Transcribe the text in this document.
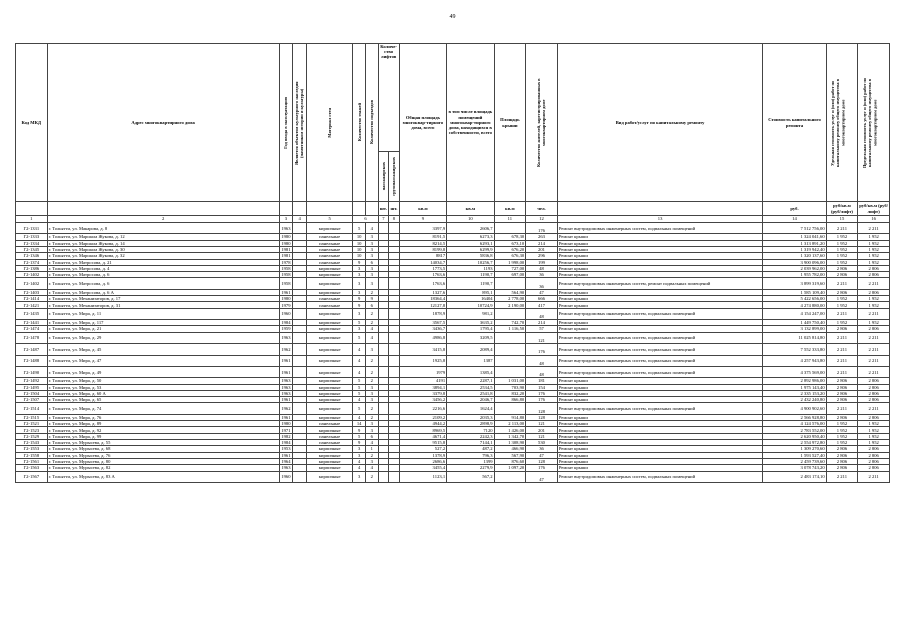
49
Код МКД	Адрес многоквартирного дома	Год ввода в эксплуатацию	Является объектом культурного наследия (памятником истории и культуры)	Материал стен	Количество этажей	Количество подъездов	Количе-ство лифтов		Общая площадь многоквар-тирного дома, всего	в том числе площадь помещений многоквар-тирного дома, находящихся в собственности, всего	Площадь крыши	Количество жителей, зарегистрированных в многоквартирном доме	Вид работ/услуг по капитальному ремонту	Стоимость капитального ремонта	Удельная стоимость услуг и (или) работ по капитальному ремонту общего имущества в многоквартирном доме	Предельная стоимость услуг и (или) работ по капитальному ремонту общего имущества в многоквартирном доме

							пассажирских	грузопассажирских								

							шт.	шт.	кв.м	кв.м	кв.м	чел.		руб.	руб/кв.м (руб/лифт)	руб/кв.м (руб/лифт)
1	2	3	4	5	6		7	8	9	10	11	12	13	14	15	16
Г2-1331	г. Тольятти, ул. Макарова, д. 8	1963		кирпичные	5	4			3397,9	2606,7		176	Ремонт внутридомовых инженерных систем, подвальных помещений	7 512 756,00	2 211	2 211
Г2-1333	г. Тольятти, ул. Маршала Жукова, д. 12	1980		панельные	10	3			8191,5	6273,3	678,30	263	Ремонт крыши	1 324 041,60	1 952	1 952
Г2-1334	г. Тольятти, ул. Маршала Жукова, д. 14	1980		панельные	10	3			8214,5	6293,1	673,10	214	Ремонт крыши	1 313 891,20	1 952	1 952
Г2-1345	г. Тольятти, ул. Маршала Жукова, д. 30	1981		панельные	10	3			8199,8	6299,9	676,20	201	Ремонт крыши	1 319 942,40	1 952	1 952
Г2-1346	г. Тольятти, ул. Маршала Жукова, д. 32	1981		панельные	10	3			8817	5836,8	676,30	296	Ремонт крыши	1 320 137,60	1 952	1 952
Г2-1374	г. Тольятти, ул. Матросова, д. 21	1978		панельные	9	6			14034,7	10256,7	1 998,00	199	Ремонт крыши	3 900 096,00	1 952	1 952
Г2-1386	г. Тольятти, ул. Матросова, д. 4	1958		кирпичные	3	3			1773,5	1193	727,00	48	Ремонт крыши	2 039 962,00	2 806	2 806
Г2-1402	г. Тольятти, ул. Матросова, д. 6	1958		кирпичные	3	3			1763,6	1190,7	697,00	36	Ремонт крыши	1 955 782,00	2 806	2 806
Г2-1402	г. Тольятти, ул. Матросова, д. 6	1958		кирпичные	3	3			1763,6	1190,7		36	Ремонт внутридомовых инженерных систем, ремонт подвальных помещений	3 899 319,60	2 211	2 211
Г2-1403	г. Тольятти, ул. Матросова, д. 6 А	1961		кирпичные	3	2			1327,6	895,1	564,90	47	Ремонт крыши	1 585 109,40	2 806	2 806
Г2-1414	г. Тольятти, ул. Механизаторов, д. 17	1980		панельные	9	9			18364,4	16404	2 778,00	666	Ремонт крыши	5 422 656,00	1 952	1 952
Г2-1421	г. Тольятти, ул. Механизаторов, д. 31	1979		панельные	9	6			12127,8	10724,9	2 190,00	417	Ремонт крыши	4 274 880,00	1 952	1 952
Г2-1435	г. Тольятти, ул. Мира, д. 11	1960		кирпичные	3	2			1878,9	981,2		48	Ремонт внутридомовых инженерных систем, подвальных помещений	4 154 247,00	2 211	2 211
Г2-1441	г. Тольятти, ул. Мира, д. 117	1984		кирпичные	5	2			3567,5	3635,2	742,70	214	Ремонт крыши	1 449 750,40	1 952	1 952
Г2-1474	г. Тольятти, ул. Мира, д. 21	1959		кирпичные	3	4			3436,7	1795,4	1 116,50	57	Ремонт крыши	3 132 899,00	2 806	2 806
Г2-1478	г. Тольятти, ул. Мира, д. 29	1963		кирпичные	5	4			4986,8	3209,5		121	Ремонт внутридомовых инженерных систем, подвальных помещений	11 025 814,80	2 211	2 211
Г2-1487	г. Тольятти, ул. Мира, д. 45	1962		кирпичные	4	3			3415,8	2089,4		176	Ремонт внутридомовых инженерных систем, подвальных помещений	7 552 333,80	2 211	2 211
Г2-1488	г. Тольятти, ул. Мира, д. 47	1961		кирпичные	4	2			1925,8	1387		48	Ремонт внутридомовых инженерных систем, подвальных помещений	4 257 943,80	2 211	2 211
Г2-1490	г. Тольятти, ул. Мира, д. 49	1961		кирпичные	4	2			1979	1385,4		48	Ремонт внутридомовых инженерных систем, подвальных помещений	4 375 569,00	2 211	2 211
Г2-1492	г. Тольятти, ул. Мира, д. 50	1963		кирпичные	5	2			4191	2287,1	1 031,00	181	Ремонт крыши	2 892 986,00	2 806	2 806
Г2-1495	г. Тольятти, ул. Мира, д. 53	1963		кирпичные	5	3			3894,1	2534,5	703,90	154	Ремонт крыши	1 975 143,40	2 806	2 806
Г2-1504	г. Тольятти, ул. Мира, д. 60 А	1963		кирпичные	5	3			3379,8	2541,8	832,20	176	Ремонт крыши	2 335 153,20	2 806	2 806
Г2-1507	г. Тольятти, ул. Мира, д. 65	1961		кирпичные	4	3			3456,2	2046,7	866,80	176	Ремонт крыши	2 432 240,80	2 806	2 806
Г2-1514	г. Тольятти, ул. Мира, д. 74	1962		кирпичные	5	2			2216,6	1624,4		128	Ремонт внутридомовых инженерных систем, подвальных помещений	4 900 902,60	2 211	2 211
Г2-1515	г. Тольятти, ул. Мира, д. 76	1961		кирпичные	4	2			2109,2	2035,3	914,80	128	Ремонт крыши	2 566 928,80	2 806	2 806
Г2-1521	г. Тольятти, ул. Мира, д. 89	1980		панельные	14	3			4944,2	2898,9	2 113,00	121	Ремонт крыши	4 124 576,00	1 952	1 952
Г2-1523	г. Тольятти, ул. Мира, д. 92	1971		кирпичные	9	3			8969,5	7120	1 426,00	201	Ремонт крыши	2 783 552,00	1 952	1 952
Г2-1529	г. Тольятти, ул. Мира, д. 99	1982		панельные	5	6			4671,4	2242,3	1 342,70	121	Ремонт крыши	2 620 950,40	1 952	1 952
Г2-1543	г. Тольятти, ул. Мурысева, д. 55	1984		панельные	9	4			9515,8	7144,1	1 308,90	530	Ремонт крыши	2 554 972,80	1 952	1 952
Г2-1553	г. Тольятти, ул. Мурысева, д. 68	1953		кирпичные	3	1			527,2	487,2	466,90	36	Ремонт крыши	1 309 270,60	2 806	2 806
Г2-1558	г. Тольятти, ул. Мурысева, д. 76	1961		кирпичные	3	2			1378,9	796,3	567,90	47	Ремонт крыши	1 593 527,40	2 806	2 806
Г2-1561	г. Тольятти, ул. Мурысева, д. 80	1964		кирпичные	4	3			2686,6	1399	876,60	128	Ремонт крыши	2 459 739,60	2 806	2 806
Г2-1563	г. Тольятти, ул. Мурысева, д. 82	1963		кирпичные	4	4			3455,4	2279,9	1 097,20	176	Ремонт крыши	3 078 743,20	2 806	2 806
Г2-1567	г. Тольятти, ул. Мурысева, д. 83 А	1960		кирпичные	3	2			1123,1	567,2		47	Ремонт внутридомовых инженерных систем, подвальных помещений	2 483 174,10	2 211	2 211
